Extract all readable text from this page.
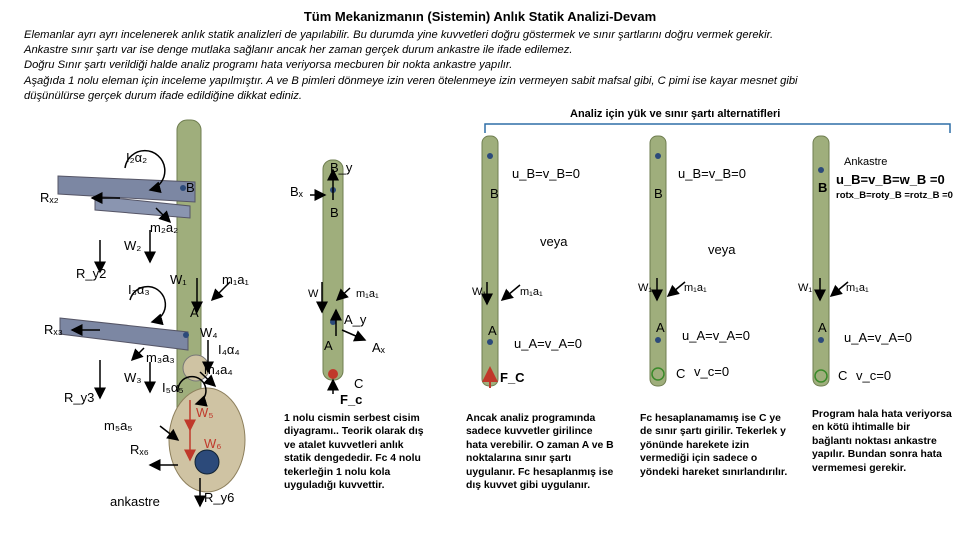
Tüm Mekanizmanın (Sistemin) Anlık Statik Analizi-Devam

Elemanlar ayrı ayrı incelenerek anlık statik analizleri de yapılabilir. Bu durumda yine kuvvetleri doğru göstermek ve sınır şartlarını doğru vermek gerekir.

Ankastre sınır şartı var ise denge mutlaka sağlanır ancak her zaman gerçek durum ankastre ile ifade edilemez.

Doğru Sınır şartı verildiği halde analiz programı hata veriyorsa mecburen bir nokta ankastre yapılır.

Aşağıda 1 nolu eleman için inceleme yapılmıştır. A ve B pimleri dönmeye izin veren ötelenmeye izin vermeyen sabit mafsal gibi, C pimi ise kayar mesnet gibi

düşünülürse gerçek durum ifade edildiğine dikkat ediniz.

Analiz için yük ve sınır şartı alternatifleri
I₂α₂
Rₓ₂
B
m₂a₂
W₂
R_y2
I₃α₃
W₁	m₁a₁
A
Rₓ₃	W₄
I₄α₄
m₃a₃
m₄a₄
W₃
I₅α₅
R_y3
W₅
m₅a₅
W₆
Rₓ₆
ankastre	R_y6
B_y
Bₓ
B
W	m₁a₁
A_y
A	Aₓ
C
F_c
1 nolu cismin serbest cisim diyagramı.. Teorik olarak dış ve atalet kuvvetleri anlık statik dengededir. Fc 4 nolu tekerleğin 1 nolu kola uyguladığı kuvvettir.
u_B=v_B=0
B
veya
W₁	m₁a₁
A
u_A=v_A=0
F_C
Ancak analiz programında sadece kuvvetler girilince hata verebilir. O zaman A ve B noktalarına sınır şartı uygulanır. Fc hesaplanmış ise dış kuvvet gibi uygulanır.
u_B=v_B=0
B
veya
W₁	m₁a₁
A
u_A=v_A=0
C v_c=0
Fc hesaplanamamış ise C ye de sınır şartı girilir. Tekerlek y yönünde harekete izin vermediği için sadece o yöndeki hareket sınırlandırılır.
Ankastre
u_B=v_B=w_B =0
rotx_B=roty_B =rotz_B =0
B
W₁	m₁a₁
A
u_A=v_A=0
C v_c=0
Program hala hata veriyorsa en kötü ihtimalle bir bağlantı noktası ankastre yapılır. Bundan sonra hata vermemesi gerekir.
